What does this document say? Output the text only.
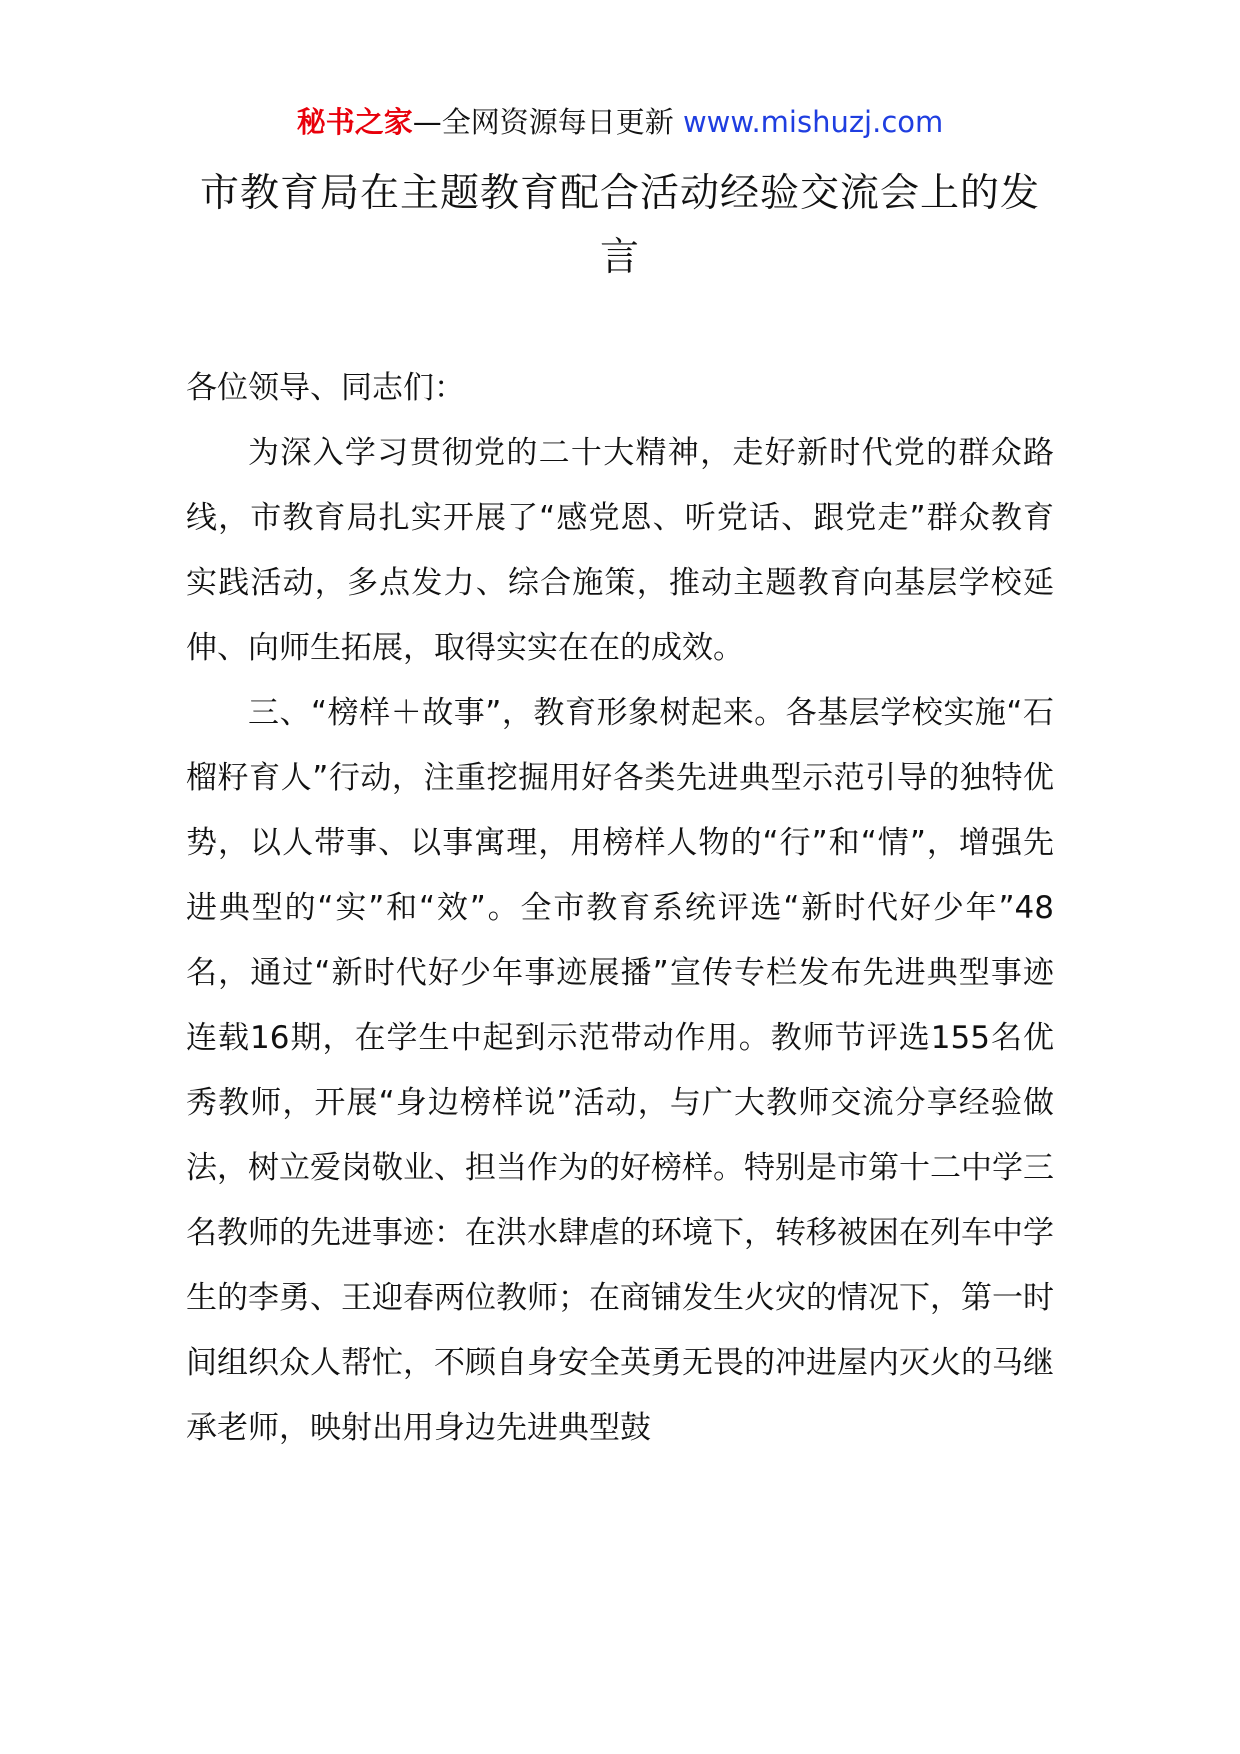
秘书之家—全网资源每日更新 www.mishuzj.com
市教育局在主题教育配合活动经验交流会上的发言

各位领导、同志们：

为深入学习贯彻党的二十大精神，走好新时代党的群众路线，市教育局扎实开展了“感党恩、听党话、跟党走”群众教育实践活动，多点发力、综合施策，推动主题教育向基层学校延伸、向师生拓展，取得实实在在的成效。

三、“榜样＋故事”，教育形象树起来。各基层学校实施“石榴籽育人”行动，注重挖掘用好各类先进典型示范引导的独特优势，以人带事、以事寓理，用榜样人物的“行”和“情”，增强先进典型的“实”和“效”。全市教育系统评选“新时代好少年”48名，通过“新时代好少年事迹展播”宣传专栏发布先进典型事迹连载16期，在学生中起到示范带动作用。教师节评选155名优秀教师，开展“身边榜样说”活动，与广大教师交流分享经验做法，树立爱岗敬业、担当作为的好榜样。特别是市第十二中学三名教师的先进事迹：在洪水肆虐的环境下，转移被困在列车中学生的李勇、王迎春两位教师；在商铺发生火灾的情况下，第一时间组织众人帮忙，不顾自身安全英勇无畏的冲进屋内灭火的马继承老师，映射出用身边先进典型鼓
